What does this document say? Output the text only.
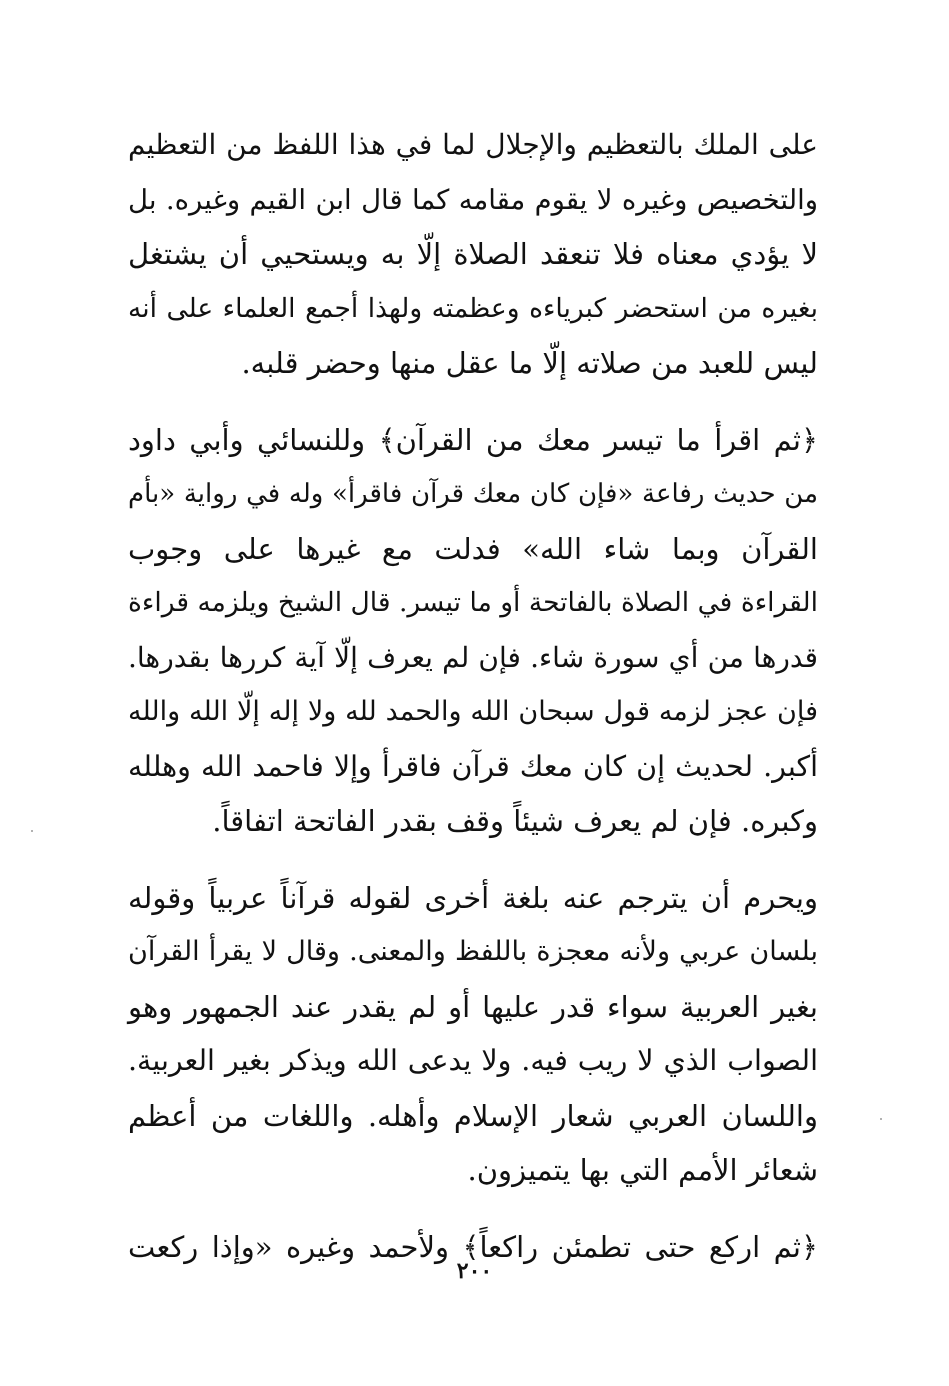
على الملك بالتعظيم والإجلال لما في هذا اللفظ من التعظيم
والتخصيص وغيره لا يقوم مقامه كما قال ابن القيم وغيره. بل
لا يؤدي معناه فلا تنعقد الصلاة إلّا به ويستحيي أن يشتغل
بغيره من استحضر كبرياءه وعظمته ولهذا أجمع العلماء على أنه
ليس للعبد من صلاته إلّا ما عقل منها وحضر قلبه.

﴿ثم اقرأ ما تيسر معك من القرآن﴾ وللنسائي وأبي داود
من حديث رفاعة «فإن كان معك قرآن فاقرأ» وله في رواية «بأم
القرآن وبما شاء الله» فدلت مع غيرها على وجوب
القراءة في الصلاة بالفاتحة أو ما تيسر. قال الشيخ ويلزمه قراءة
قدرها من أي سورة شاء. فإن لم يعرف إلّا آية كررها بقدرها.
فإن عجز لزمه قول سبحان الله والحمد لله ولا إله إلّا الله والله
أكبر. لحديث إن كان معك قرآن فاقرأ وإلا فاحمد الله وهلله
وكبره. فإن لم يعرف شيئاً وقف بقدر الفاتحة اتفاقاً.

ويحرم أن يترجم عنه بلغة أخرى لقوله قرآناً عربياً وقوله
بلسان عربي ولأنه معجزة باللفظ والمعنى. وقال لا يقرأ القرآن
بغير العربية سواء قدر عليها أو لم يقدر عند الجمهور وهو
الصواب الذي لا ريب فيه. ولا يدعى الله ويذكر بغير العربية.
واللسان العربي شعار الإسلام وأهله. واللغات من أعظم
شعائر الأمم التي بها يتميزون.

﴿ثم اركع حتى تطمئن راكعاً﴾ ولأحمد وغيره «وإذا ركعت

٢٠٠
